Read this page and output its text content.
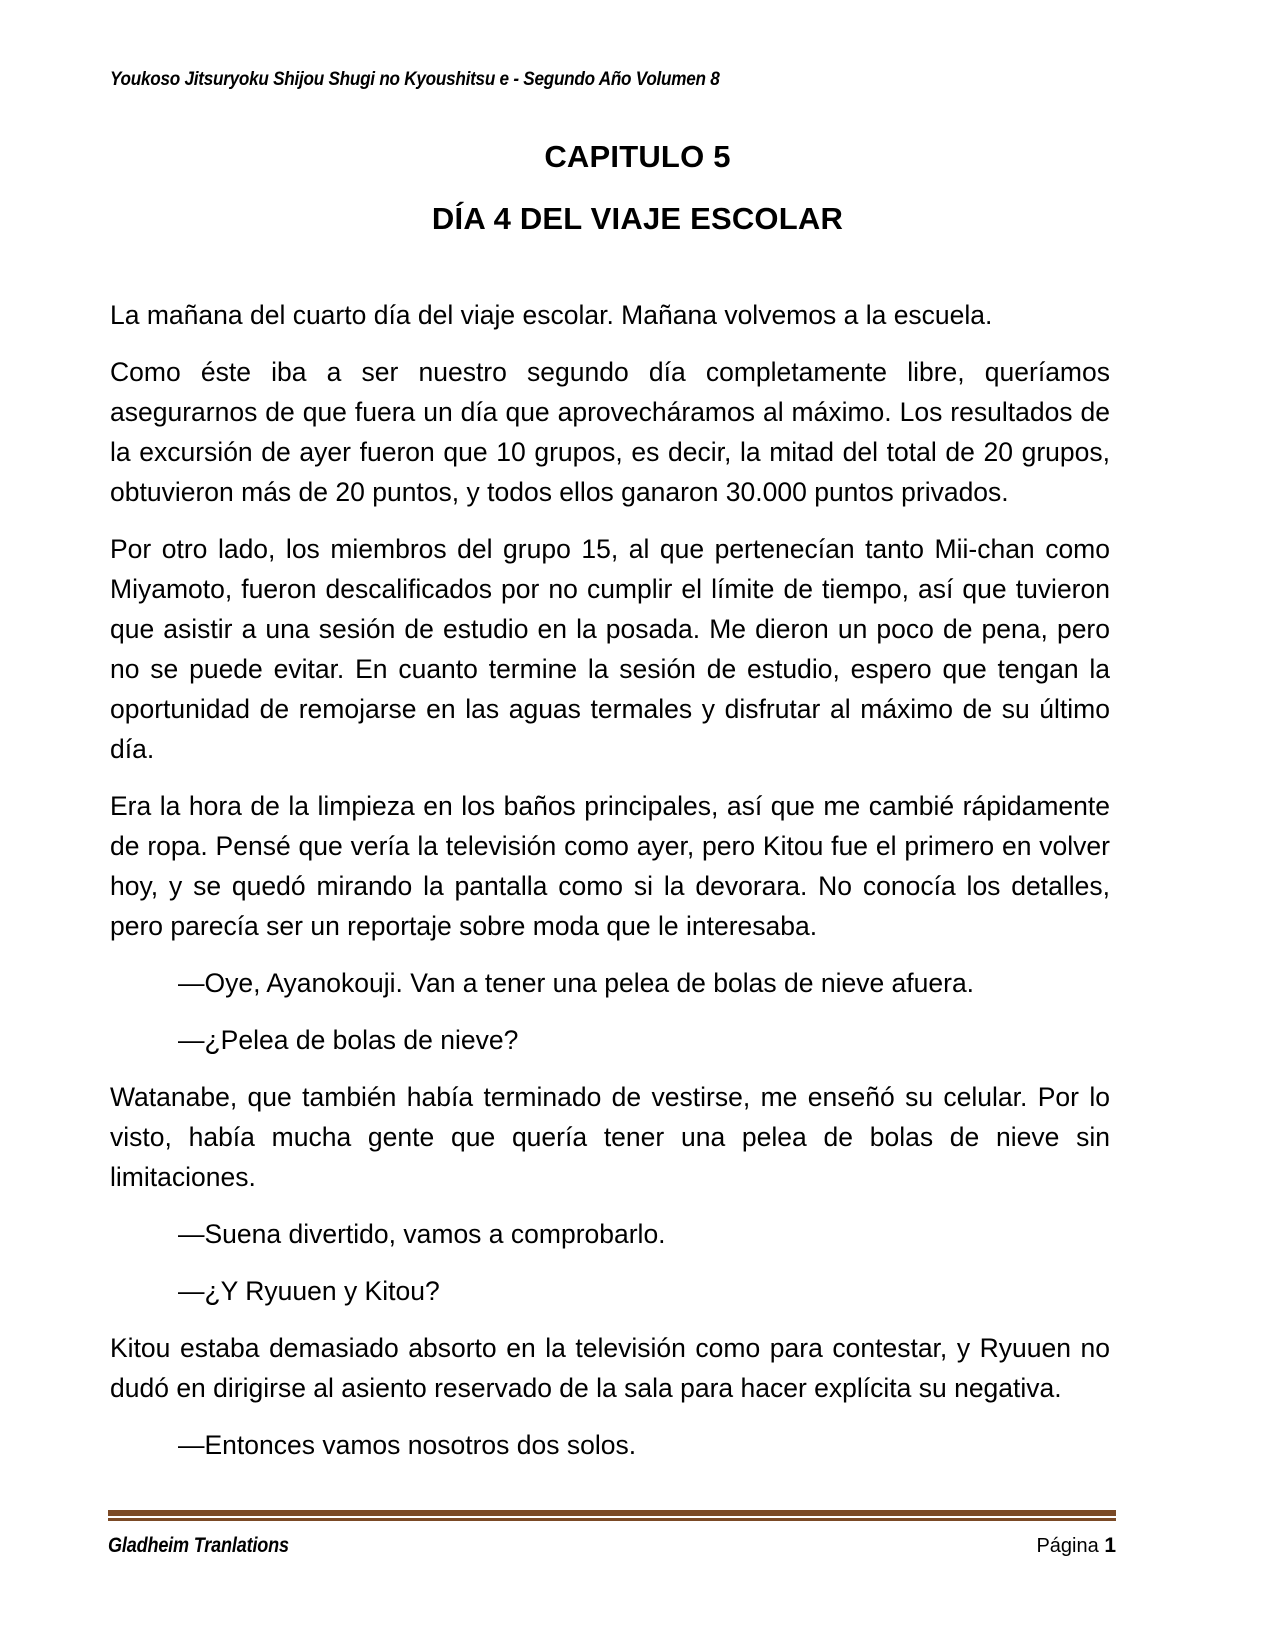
Youkoso Jitsuryoku Shijou Shugi no Kyoushitsu e - Segundo Año Volumen 8
CAPITULO 5
DÍA 4 DEL VIAJE ESCOLAR

La mañana del cuarto día del viaje escolar. Mañana volvemos a la escuela.

Como éste iba a ser nuestro segundo día completamente libre, queríamos asegurarnos de que fuera un día que aprovecháramos al máximo. Los resultados de la excursión de ayer fueron que 10 grupos, es decir, la mitad del total de 20 grupos, obtuvieron más de 20 puntos, y todos ellos ganaron 30.000 puntos privados.

Por otro lado, los miembros del grupo 15, al que pertenecían tanto Mii-chan como Miyamoto, fueron descalificados por no cumplir el límite de tiempo, así que tuvieron que asistir a una sesión de estudio en la posada. Me dieron un poco de pena, pero no se puede evitar. En cuanto termine la sesión de estudio, espero que tengan la oportunidad de remojarse en las aguas termales y disfrutar al máximo de su último día.

Era la hora de la limpieza en los baños principales, así que me cambié rápidamente de ropa. Pensé que vería la televisión como ayer, pero Kitou fue el primero en volver hoy, y se quedó mirando la pantalla como si la devorara. No conocía los detalles, pero parecía ser un reportaje sobre moda que le interesaba.

—Oye, Ayanokouji. Van a tener una pelea de bolas de nieve afuera.

—¿Pelea de bolas de nieve?

Watanabe, que también había terminado de vestirse, me enseñó su celular. Por lo visto, había mucha gente que quería tener una pelea de bolas de nieve sin limitaciones.

—Suena divertido, vamos a comprobarlo.

—¿Y Ryuuen y Kitou?

Kitou estaba demasiado absorto en la televisión como para contestar, y Ryuuen no dudó en dirigirse al asiento reservado de la sala para hacer explícita su negativa.

—Entonces vamos nosotros dos solos.

Gladheim Tranlations	Página 1
